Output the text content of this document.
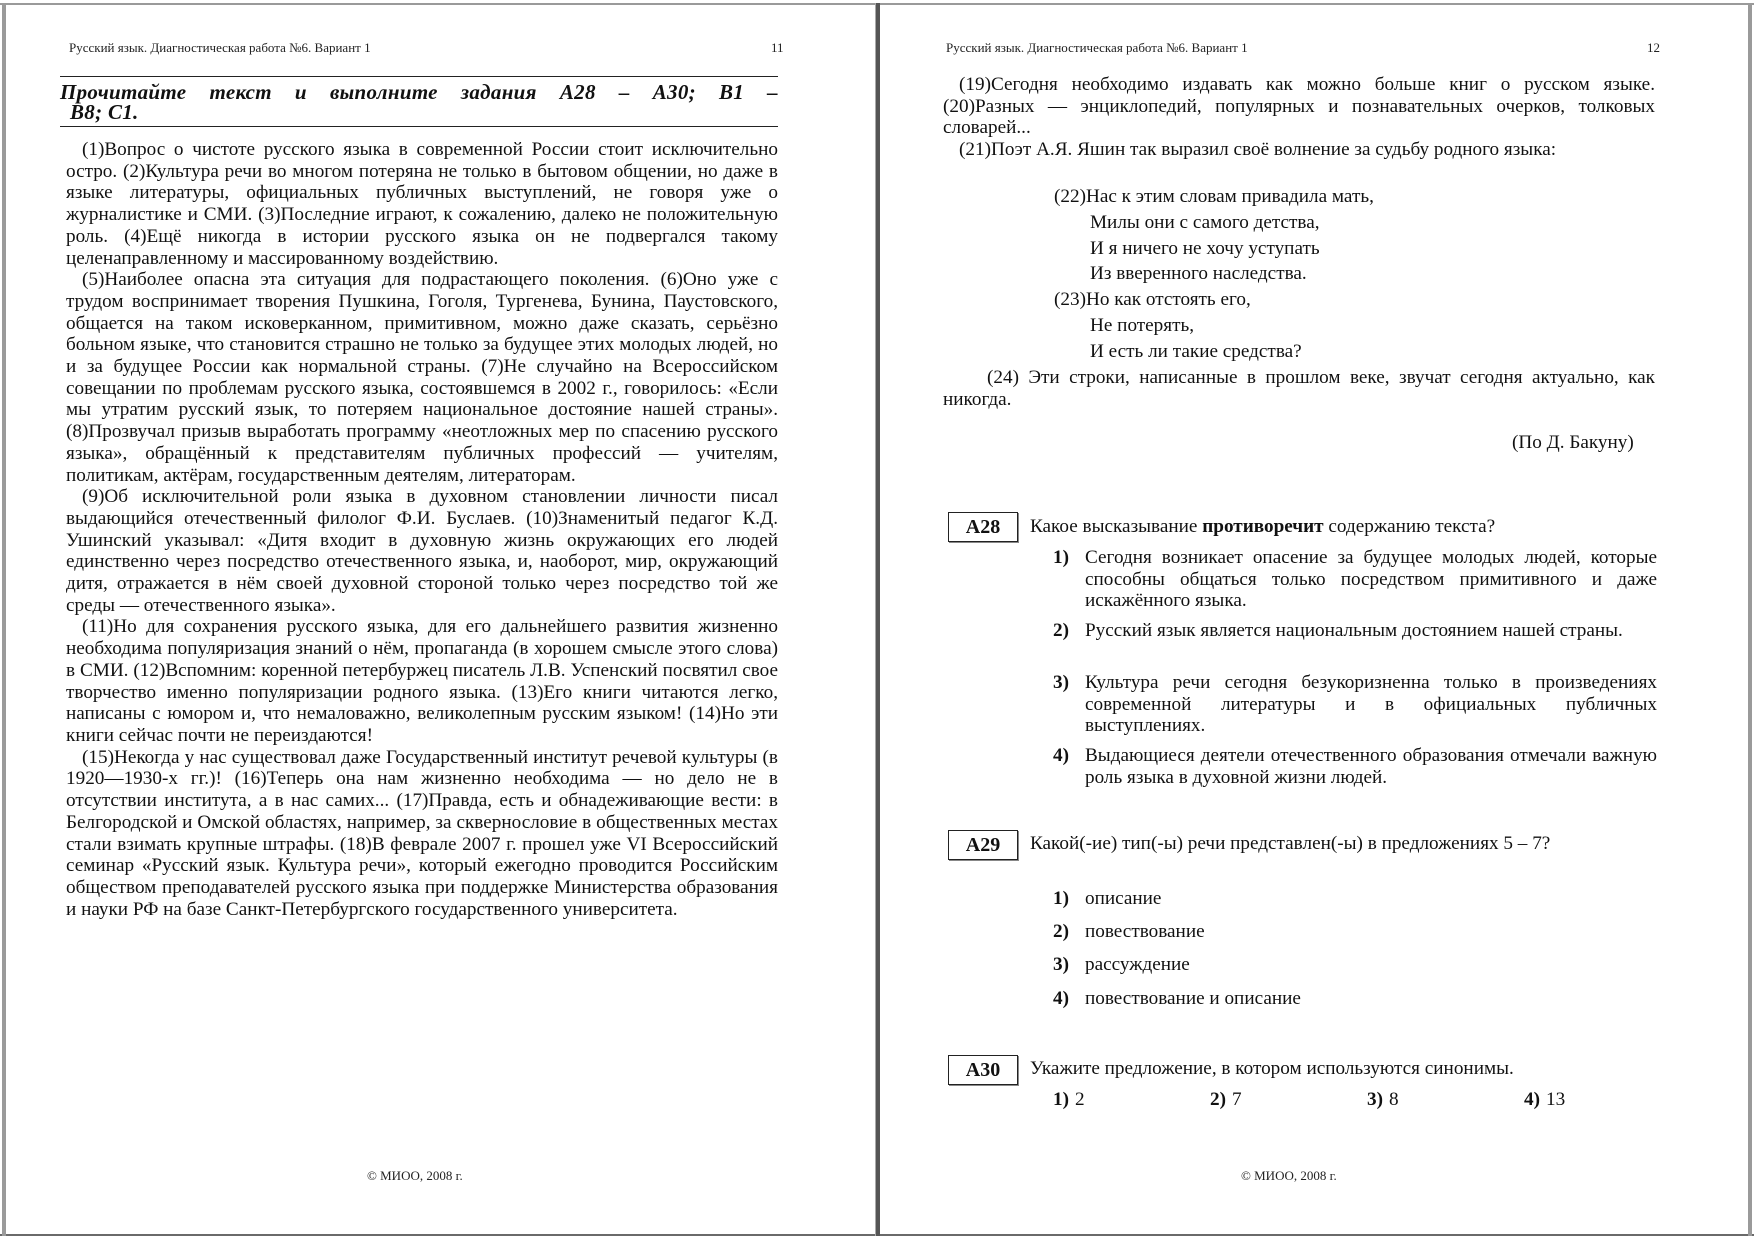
Русский язык. Диагностическая работа №6. Вариант 1	11
Прочитайте текст и выполните задания А28 – А30; В1 –
В8; С1.

(1)Вопрос о чистоте русского языка в современной России стоит исключительно остро. (2)Культура речи во многом потеряна не только в бытовом общении, но даже в языке литературы, официальных публичных выступлений, не говоря уже о журналистике и СМИ. (3)Последние играют, к сожалению, далеко не положительную роль. (4)Ещё никогда в истории русского языка он не подвергался такому целенаправленному и массированному воздействию.

(5)Наиболее опасна эта ситуация для подрастающего поколения. (6)Оно уже с трудом воспринимает творения Пушкина, Гоголя, Тургенева, Бунина, Паустовского, общается на таком исковерканном, примитивном, можно даже сказать, серьёзно больном языке, что становится страшно не только за будущее этих молодых людей, но и за будущее России как нормальной страны. (7)Не случайно на Всероссийском совещании по проблемам русского языка, состоявшемся в 2002 г., говорилось: «Если мы утратим русский язык, то потеряем национальное достояние нашей страны». (8)Прозвучал призыв выработать программу «неотложных мер по спасению русского языка», обращённый к представителям публичных профессий — учителям, политикам, актёрам, государственным деятелям, литераторам.

(9)Об исключительной роли языка в духовном становлении личности писал выдающийся отечественный филолог Ф.И. Буслаев. (10)Знаменитый педагог К.Д. Ушинский указывал: «Дитя входит в духовную жизнь окружающих его людей единственно через посредство отечественного языка, и, наоборот, мир, окружающий дитя, отражается в нём своей духовной стороной только через посредство той же среды — отечественного языка».

(11)Но для сохранения русского языка, для его дальнейшего развития жизненно необходима популяризация знаний о нём, пропаганда (в хорошем смысле этого слова) в СМИ. (12)Вспомним: коренной петербуржец писатель Л.В. Успенский посвятил свое творчество именно популяризации родного языка. (13)Его книги читаются легко, написаны с юмором и, что немаловажно, великолепным русским языком! (14)Но эти книги сейчас почти не переиздаются!

(15)Некогда у нас существовал даже Государственный институт речевой культуры (в 1920—1930-х гг.)! (16)Теперь она нам жизненно необходима — но дело не в отсутствии института, а в нас самих... (17)Правда, есть и обнадеживающие вести: в Белгородской и Омской областях, например, за сквернословие в общественных местах стали взимать крупные штрафы. (18)В феврале 2007 г. прошел уже VI Всероссийский семинар «Русский язык. Культура речи», который ежегодно проводится Российским обществом преподавателей русского языка при поддержке Министерства образования и науки РФ на базе Санкт-Петербургского государственного университета.

© МИОО, 2008 г.
Русский язык. Диагностическая работа №6. Вариант 1	12

(19)Сегодня необходимо издавать как можно больше книг о русском языке. (20)Разных — энциклопедий, популярных и познавательных очерков, толковых словарей...

(21)Поэт А.Я. Яшин так выразил своё волнение за судьбу родного языка:

(22)Нас к этим словам привадила мать,
Милы они с самого детства,
И я ничего не хочу уступать
Из вверенного наследства.
(23)Но как отстоять его,
Не потерять,
И есть ли такие средства?

(24) Эти строки, написанные в прошлом веке, звучат сегодня актуально, как никогда.

(По Д. Бакуну)
A28	Какое высказывание противоречит содержанию текста?
1) Сегодня возникает опасение за будущее молодых людей, которые способны общаться только посредством примитивного и даже искажённого языка.
2) Русский язык является национальным достоянием нашей страны.
3) Культура речи сегодня безукоризненна только в произведениях современной литературы и в официальных публичных выступлениях.
4) Выдающиеся деятели отечественного образования отмечали важную роль языка в духовной жизни людей.
A29	Какой(-ие) тип(-ы) речи представлен(-ы) в предложениях 5 – 7?
1) описание
2) повествование
3) рассуждение
4) повествование и описание
A30	Укажите предложение, в котором используются синонимы.
1) 2	2) 7	3) 8	4) 13
© МИОО, 2008 г.
